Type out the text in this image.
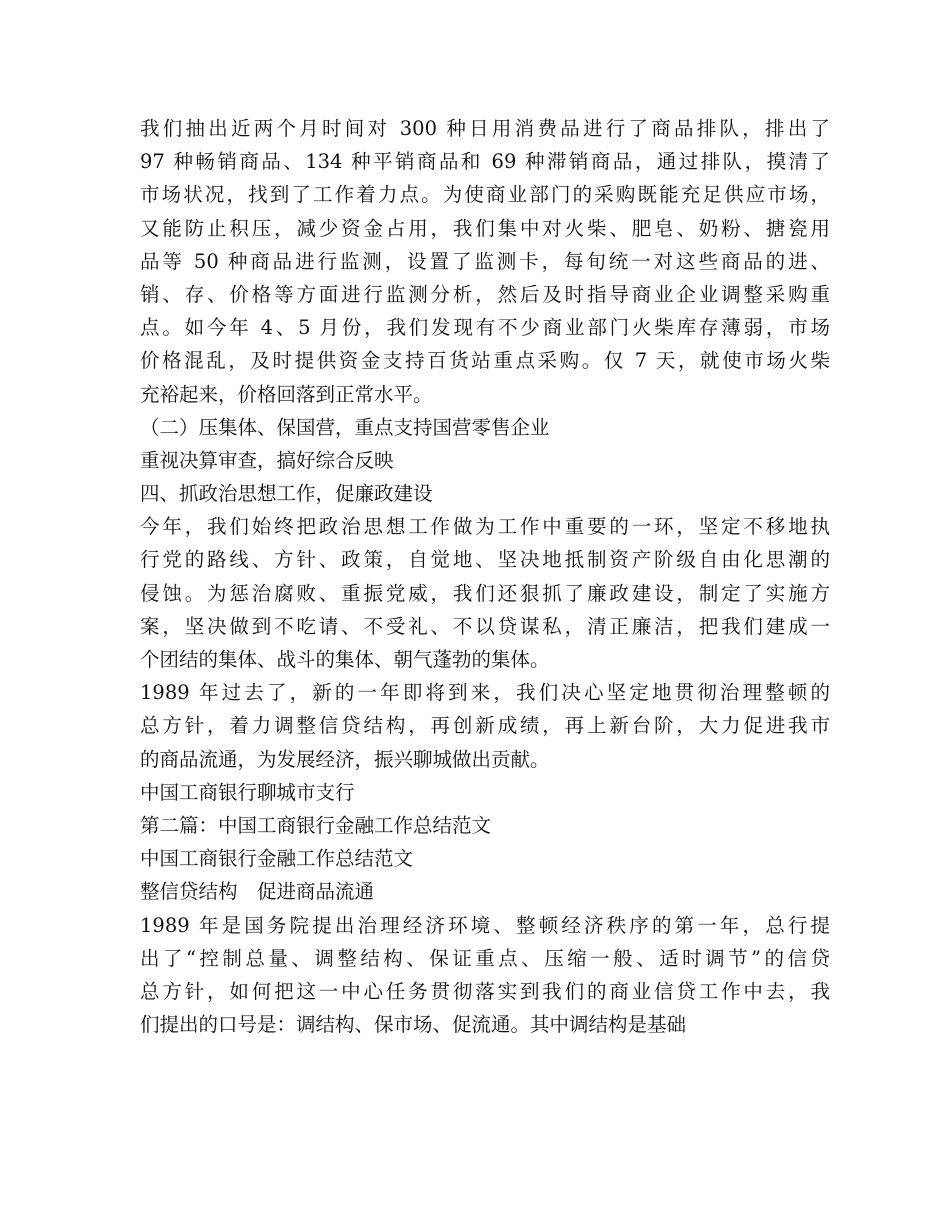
我们抽出近两个月时间对 300 种日用消费品进行了商品排队，排出了
97 种畅销商品、134 种平销商品和 69 种滞销商品，通过排队，摸清了
市场状况，找到了工作着力点。为使商业部门的采购既能充足供应市场，
又能防止积压，减少资金占用，我们集中对火柴、肥皂、奶粉、搪瓷用
品等 50 种商品进行监测，设置了监测卡，每旬统一对这些商品的进、
销、存、价格等方面进行监测分析，然后及时指导商业企业调整采购重
点。如今年 4、5 月份，我们发现有不少商业部门火柴库存薄弱，市场
价格混乱，及时提供资金支持百货站重点采购。仅 7 天，就使市场火柴
充裕起来，价格回落到正常水平。
（二）压集体、保国营，重点支持国营零售企业
重视决算审查，搞好综合反映
四、抓政治思想工作，促廉政建设
今年，我们始终把政治思想工作做为工作中重要的一环，坚定不移地执
行党的路线、方针、政策，自觉地、坚决地抵制资产阶级自由化思潮的
侵蚀。为惩治腐败、重振党威，我们还狠抓了廉政建设，制定了实施方
案，坚决做到不吃请、不受礼、不以贷谋私，清正廉洁，把我们建成一
个团结的集体、战斗的集体、朝气蓬勃的集体。
1989 年过去了，新的一年即将到来，我们决心坚定地贯彻治理整顿的
总方针，着力调整信贷结构，再创新成绩，再上新台阶，大力促进我市
的商品流通，为发展经济，振兴聊城做出贡献。
中国工商银行聊城市支行
第二篇：中国工商银行金融工作总结范文
中国工商银行金融工作总结范文
整信贷结构　促进商品流通
1989 年是国务院提出治理经济环境、整顿经济秩序的第一年，总行提
出了“控制总量、调整结构、保证重点、压缩一般、适时调节”的信贷
总方针，如何把这一中心任务贯彻落实到我们的商业信贷工作中去，我
们提出的口号是：调结构、保市场、促流通。其中调结构是基础
